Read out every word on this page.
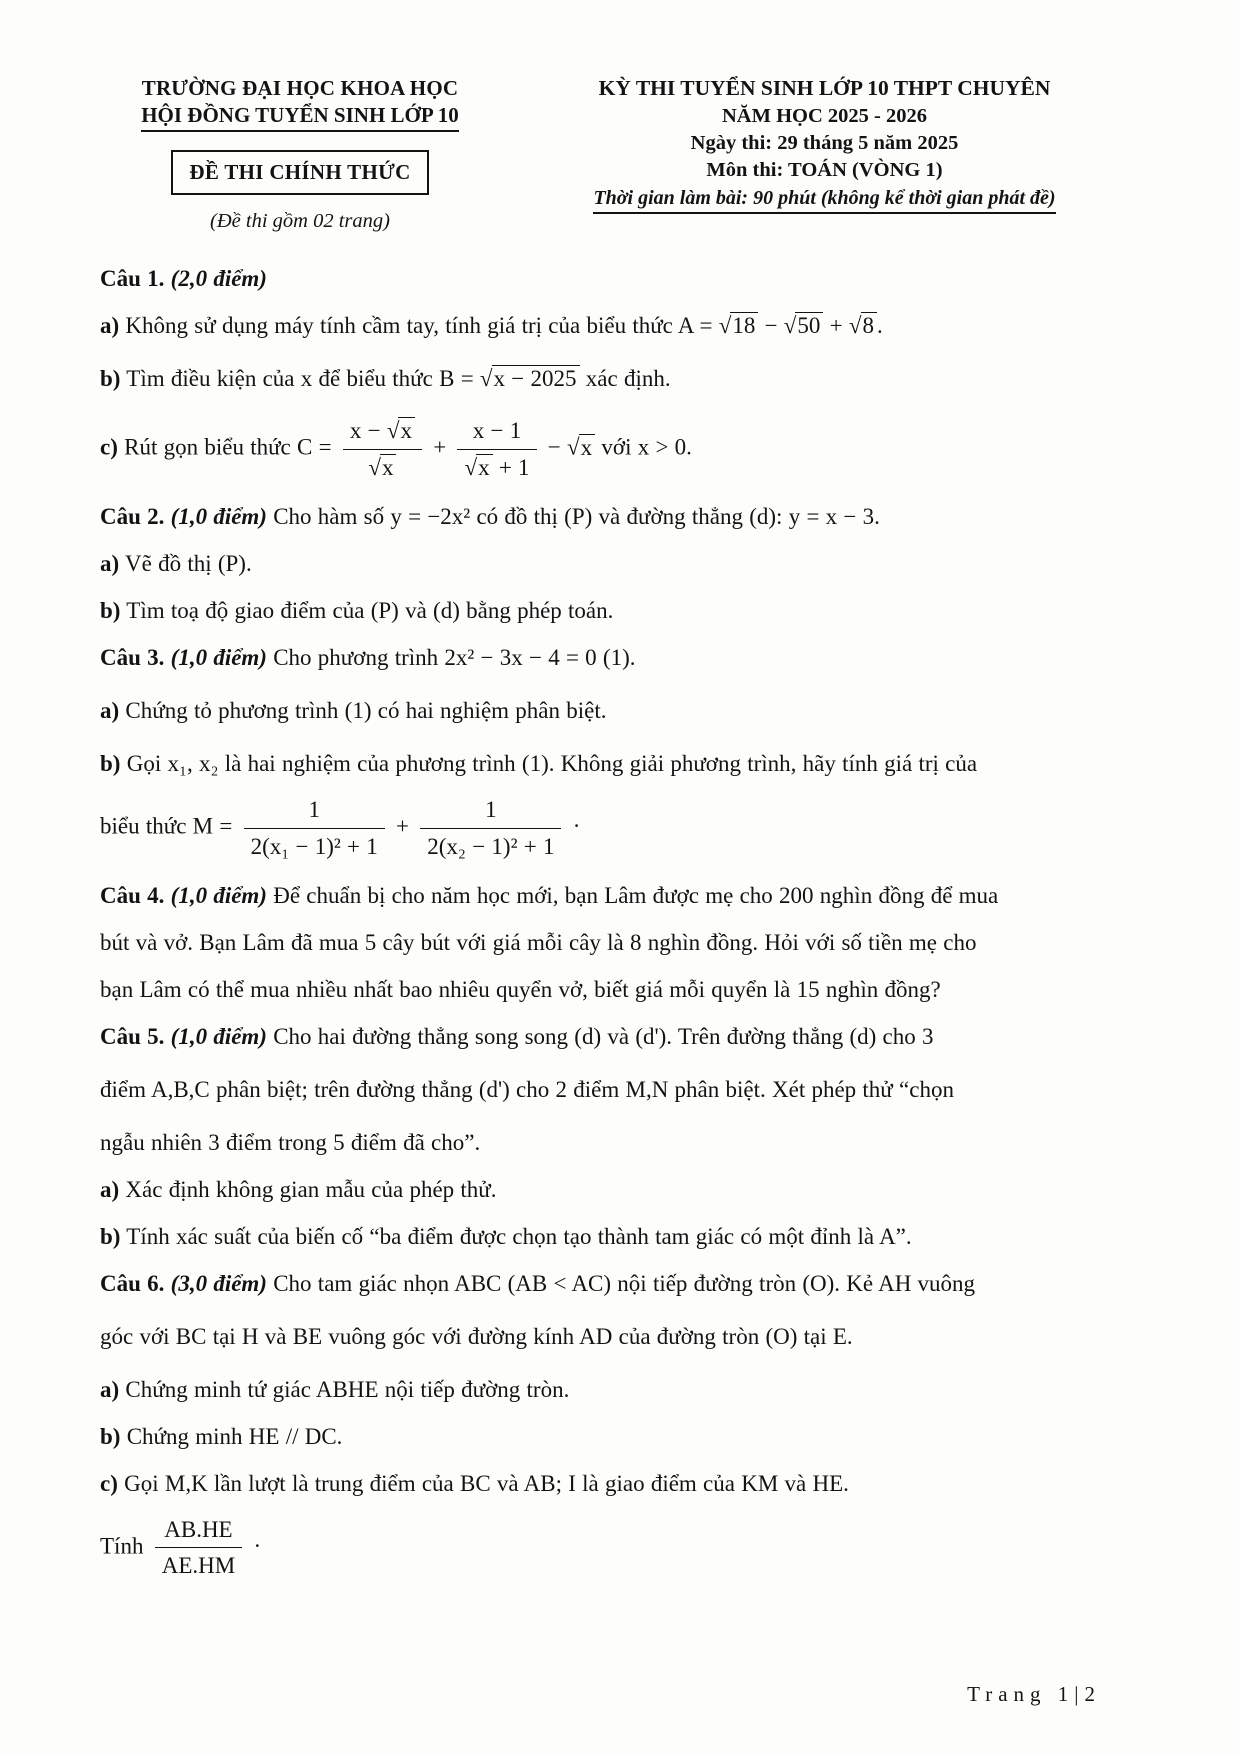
TRƯỜNG ĐẠI HỌC KHOA HỌC
HỘI ĐỒNG TUYỂN SINH LỚP 10
ĐỀ THI CHÍNH THỨC
(Đề thi gồm 02 trang)
KỲ THI TUYỂN SINH LỚP 10 THPT CHUYÊN
NĂM HỌC 2025 - 2026
Ngày thi: 29 tháng 5 năm 2025
Môn thi: TOÁN (VÒNG 1)
Thời gian làm bài: 90 phút (không kể thời gian phát đề)
Câu 1. (2,0 điểm)
a) Không sử dụng máy tính cầm tay, tính giá trị của biểu thức A = √18 − √50 + √8 .
b) Tìm điều kiện của x để biểu thức B = √x − 2025 xác định.
c) Rút gọn biểu thức $C = \frac{x - √x}{√x} + \frac{x - 1}{√x + 1} - √x$ với x > 0.
Câu 2. (1,0 điểm) Cho hàm số y = −2x² có đồ thị (P) và đường thẳng (d): y = x − 3.
a) Vẽ đồ thị (P).
b) Tìm toạ độ giao điểm của (P) và (d) bằng phép toán.
Câu 3. (1,0 điểm) Cho phương trình 2x² − 3x − 4 = 0 (1).
a) Chứng tỏ phương trình (1) có hai nghiệm phân biệt.
b) Gọi x₁, x₂ là hai nghiệm của phương trình (1). Không giải phương trình, hãy tính giá trị của
biểu thức $M = \frac{1}{\text{2(x₁ − 1)² + 1}} + \frac{1}{\text{2(x₂ − 1)² + 1}}$ ·
Câu 4. (1,0 điểm) Để chuẩn bị cho năm học mới, bạn Lâm được mẹ cho 200 nghìn đồng để mua
bút và vở. Bạn Lâm đã mua 5 cây bút với giá mỗi cây là 8 nghìn đồng. Hỏi với số tiền mẹ cho
bạn Lâm có thể mua nhiều nhất bao nhiêu quyển vở, biết giá mỗi quyển là 15 nghìn đồng?
Câu 5. (1,0 điểm) Cho hai đường thẳng song song (d) và (d'). Trên đường thẳng (d) cho 3
điểm A,B,C phân biệt; trên đường thẳng (d') cho 2 điểm M,N phân biệt. Xét phép thử “chọn
ngẫu nhiên 3 điểm trong 5 điểm đã cho”.
a) Xác định không gian mẫu của phép thử.
b) Tính xác suất của biến cố “ba điểm được chọn tạo thành tam giác có một đỉnh là A”.
Câu 6. (3,0 điểm) Cho tam giác nhọn ABC (AB < AC) nội tiếp đường tròn (O). Kẻ AH vuông
góc với BC tại H và BE vuông góc với đường kính AD của đường tròn (O) tại E.
a) Chứng minh tứ giác ABHE nội tiếp đường tròn.
b) Chứng minh HE // DC.
c) Gọi M,K lần lượt là trung điểm của BC và AB; I là giao điểm của KM và HE.
Tính $\frac{AB.HE}{AE.HM}$ ·
Trang 1|2
